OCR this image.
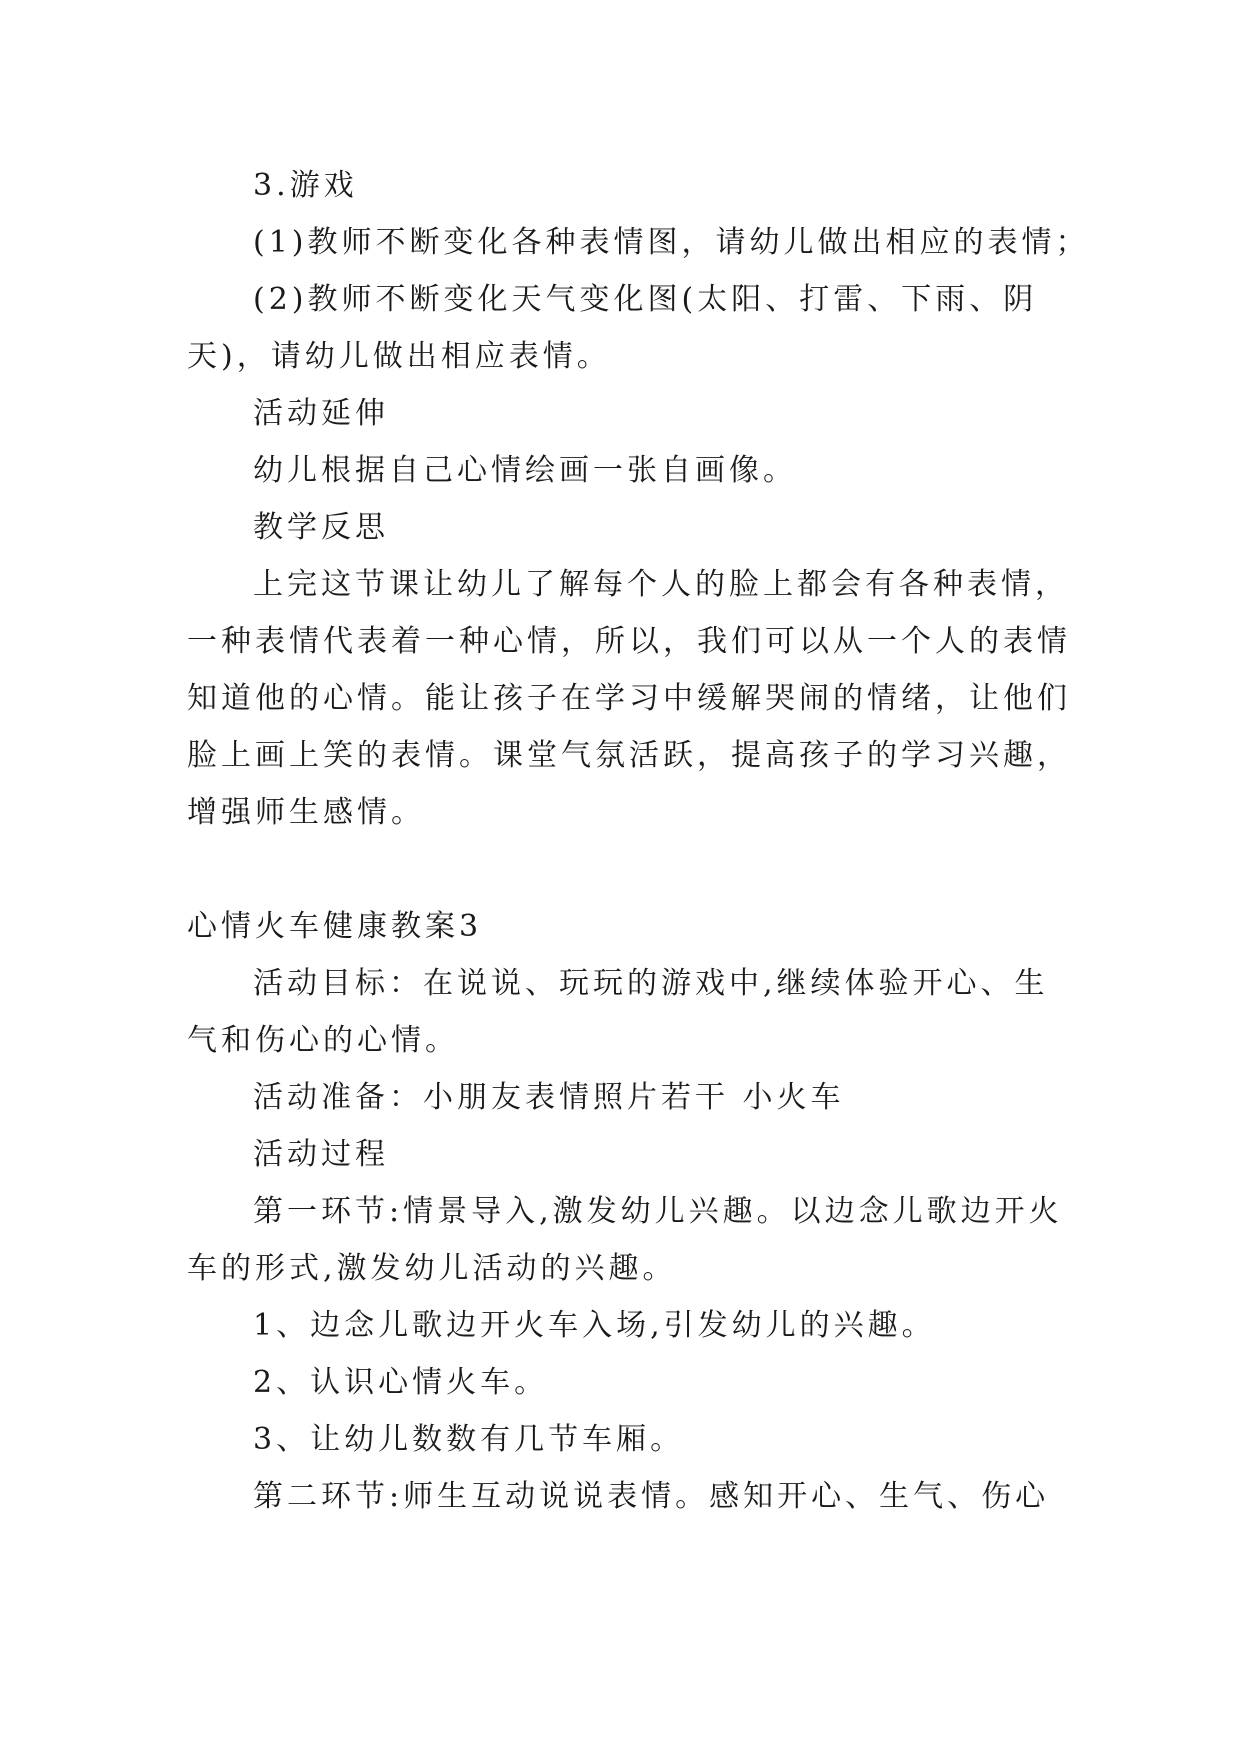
3.游戏
(1)教师不断变化各种表情图，请幼儿做出相应的表情；
(2)教师不断变化天气变化图(太阳、打雷、下雨、阴
天)，请幼儿做出相应表情。
活动延伸
幼儿根据自己心情绘画一张自画像。
教学反思
上完这节课让幼儿了解每个人的脸上都会有各种表情，
一种表情代表着一种心情，所以，我们可以从一个人的表情
知道他的心情。能让孩子在学习中缓解哭闹的情绪，让他们
脸上画上笑的表情。课堂气氛活跃，提高孩子的学习兴趣，
增强师生感情。
心情火车健康教案3
活动目标：在说说、玩玩的游戏中,继续体验开心、生
气和伤心的心情。
活动准备：小朋友表情照片若干 小火车
活动过程
第一环节:情景导入,激发幼儿兴趣。以边念儿歌边开火
车的形式,激发幼儿活动的兴趣。
1、边念儿歌边开火车入场,引发幼儿的兴趣。
2、认识心情火车。
3、让幼儿数数有几节车厢。
第二环节:师生互动说说表情。感知开心、生气、伤心
